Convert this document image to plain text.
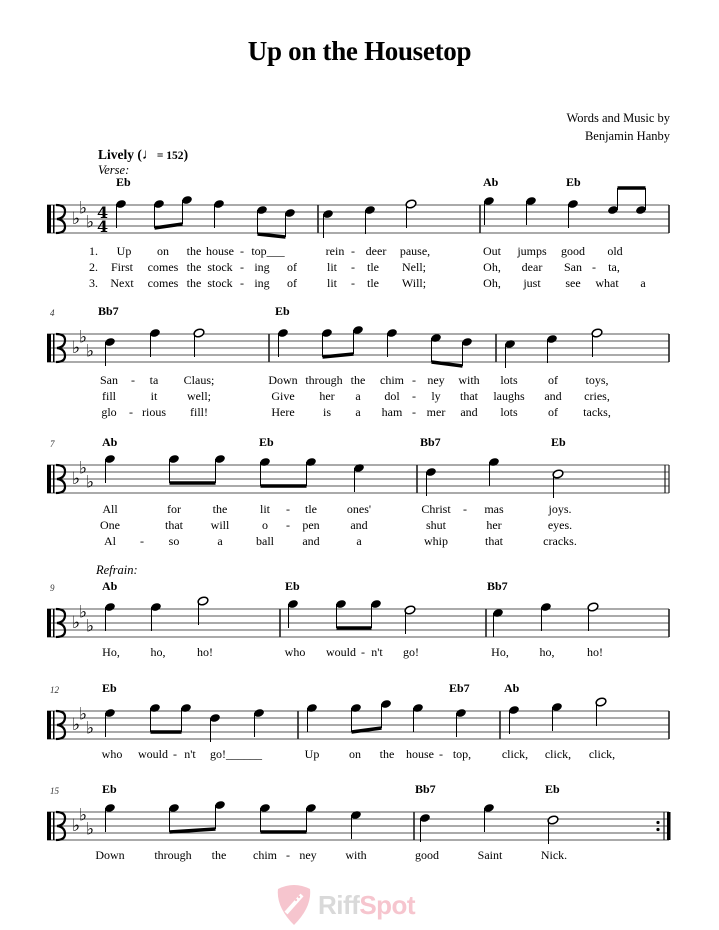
Up on the Housetop
Words and Music by
Benjamin Hanby
Lively (♩= 152)
Verse:
Refrain:
♭
♭
♭ 4
4
♭
♭
♭
♭
♭
♭
♭
♭
♭
♭
♭
♭
♭
♭
♭
Eb	Ab	Eb
1.
2.
3.
Up on the house - top___	rein - deer pause,	Out jumps good old
First comes the stock - ing of lit - tle Nell;	Oh, dear San - ta,
Next comes the stock - ing of lit - tle Will;	Oh, just see what a
4	Bb7	Eb
San - ta Claus;	Down through the chim - ney with lots	of toys,
fill	it well;	Give her a dol - ly that laughs and cries,
glo - rious fill!	Here is a ham - mer and lots	of tacks,
7	Ab	Eb	Bb7	Eb
All	for	the	lit - tle ones'	Christ - mas	joys.
One	that will	o - pen	and	shut	her	eyes.
Al - so	a	ball and	a	whip	that	cracks.
9	Ab	Eb	Bb7
Ho,	ho,	ho!	who would - n't go!	Ho,	ho,	ho!
12	Eb	Eb7	Ab
who would - n't go!______	Up on the house - top,	click, click, click,
15	Eb	Bb7	Eb
Down through the chim - ney with	good	Saint	Nick.
RiffSpot
